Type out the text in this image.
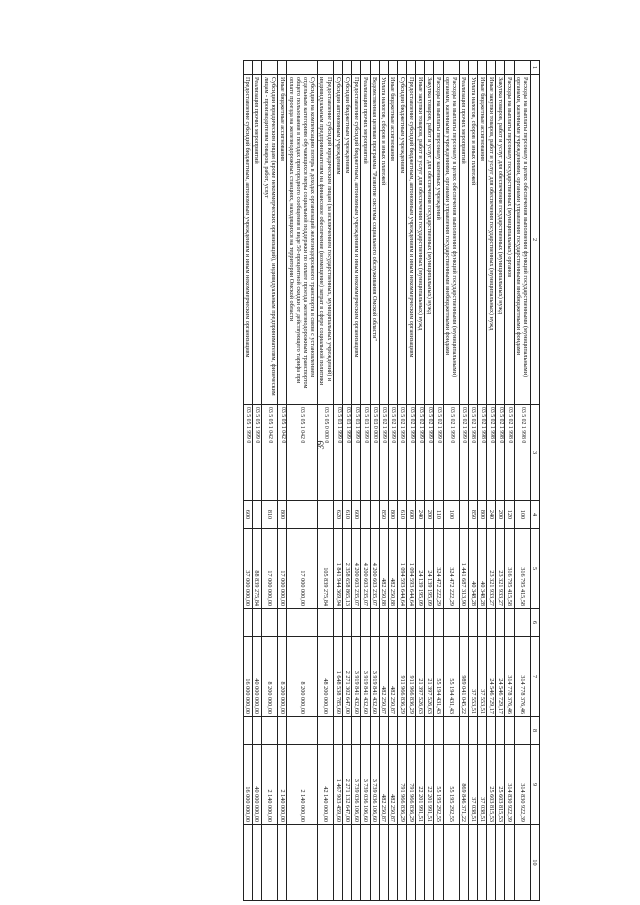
39
1	2	3	4	5	6	7	8	9	10
	Расходы на выплаты персоналу в целях обеспечения выполнения функций государственными (муниципальными) органами, казенными учреждениями, органами управления государственными внебюджетными фондами	03 5 02 1 998 0	100	316 795 415,58		314 778 376,46		314 830 922,39	
	Расходы на выплаты персоналу государственных (муниципальных) органов	03 5 02 1 998 0	120	316 795 415,58		314 778 376,46		314 830 922,39	
	Закупка товаров, работ и услуг для обеспечения государственных (муниципальных) нужд	03 5 02 1 998 0	200	23 321 933,27		24 546 729,17		25 603 815,53	
	Иные закупки товаров, работ и услуг для обеспечения государственных (муниципальных) нужд	03 5 02 1 998 0	240	23 321 933,27		24 546 729,17		25 603 815,53	
	Иные бюджетные ассигнования	03 5 02 1 998 0	800	40 348,28		37 553,51		37 038,51	
	Уплата налогов, сборов и иных платежей	03 5 02 1 998 0	850	40 348,28		37 553,51		37 038,51	
	Реализация прочих мероприятий	03 5 02 1 999 0		1 441 687 313,90		989 041 045,22		869 846 371,22	
	Расходы на выплаты персоналу в целях обеспечения выполнения функций государственными (муниципальными) органами, казенными учреждениями, органами управления государственными внебюджетными фондами	03 5 02 1 999 0	100	324 472 222,29		55 194 431,43		55 195 292,55	
	Расходы на выплаты персоналу казенных учреждений	03 5 02 1 999 0	110	324 472 222,29		55 194 431,43		55 195 292,55	
	Закупка товаров, работ и услуг для обеспечения государственных (муниципальных) нужд	03 5 02 1 999 0	200	24 139 195,09		21 397 526,63		22 201 991,51	
	Иные закупки товаров, работ и услуг для обеспечения государственных (муниципальных) нужд	03 5 02 1 999 0	240	24 139 195,09		21 397 526,63		22 201 991,51	
	Предоставление субсидий бюджетным, автономным учреждениям и иным некоммерческим организациям	03 5 02 1 999 0	600	1 094 593 644,64		911 966 836,29		791 966 836,29	
	Субсидии бюджетным учреждениям	03 5 02 1 999 0	610	1 094 593 644,64		911 966 836,29		791 966 836,29	
	Иные бюджетные ассигнования	03 5 02 1 999 0	800	482 250,88		482 250,87		482 250,87	
	Уплата налогов, сборов и иных платежей	03 5 02 1 999 0	850	482 250,88		482 250,87		482 250,87	
	Ведомственная целевая программа "Развитие системы социального обслуживания Омской области"	03 5 03 0 000 0		4 200 603 235,07		3 919 841 432,60		3 739 036 106,60	
	Реализация прочих мероприятий	03 5 03 1 999 0		4 200 603 235,07		3 919 841 432,60		3 739 036 106,60	
	Предоставление субсидий бюджетным, автономным учреждениям и иным некоммерческим организациям	03 5 03 1 999 0	600	4 200 603 235,07		3 919 841 432,60		3 739 036 106,60	
	Субсидии бюджетным учреждениям	03 5 03 1 999 0	610	2 358 658 865,13		2 271 302 647,00		2 271 132 647,00	
	Субсидии автономным учреждениям	03 5 03 1 999 0	620	1 841 944 369,94		1 648 538 785,60		1 467 903 459,60	
	Предоставление субсидий юридическим лицам (за исключением государственных, муниципальных учреждений) и индивидуальным предпринимателям на финансовое обеспечение (возмещение) затрат в сфере социальной политики	03 5 05 0 000 0		105 839 275,84		48 200 000,00		42 140 000,00	
	Субсидии на компенсацию потерь в доходах организаций железнодорожного транспорта в связи с установлением отдельным категориям обучающихся меры социальной поддержки по оплате проезда железнодорожным транспортом общего пользования в поездах пригородного сообщения в виде 50-процентной скидки от действующего тарифа при оплате проезда на железнодорожных станциях, находящихся на территории Омской области	03 5 05 1 042 0		17 000 000,00		8 200 000,00		2 140 000,00	
	Иные бюджетные ассигнования	03 5 05 1 042 0	800	17 000 000,00		8 200 000,00		2 140 000,00	
	Субсидии юридическим лицам (кроме некоммерческих организаций), индивидуальным предпринимателям, физическим лицам - производителям товаров, работ, услуг	03 5 05 1 042 0	810	17 000 000,00		8 200 000,00		2 140 000,00	
	Реализация прочих мероприятий	03 5 05 1 999 0		88 839 275,84		40 000 000,00		40 000 000,00	
	Предоставление субсидий бюджетным, автономным учреждениям и иным некоммерческим организациям	03 5 05 1 999 0	600	37 000 000,00		16 000 000,00		16 000 000,00	
